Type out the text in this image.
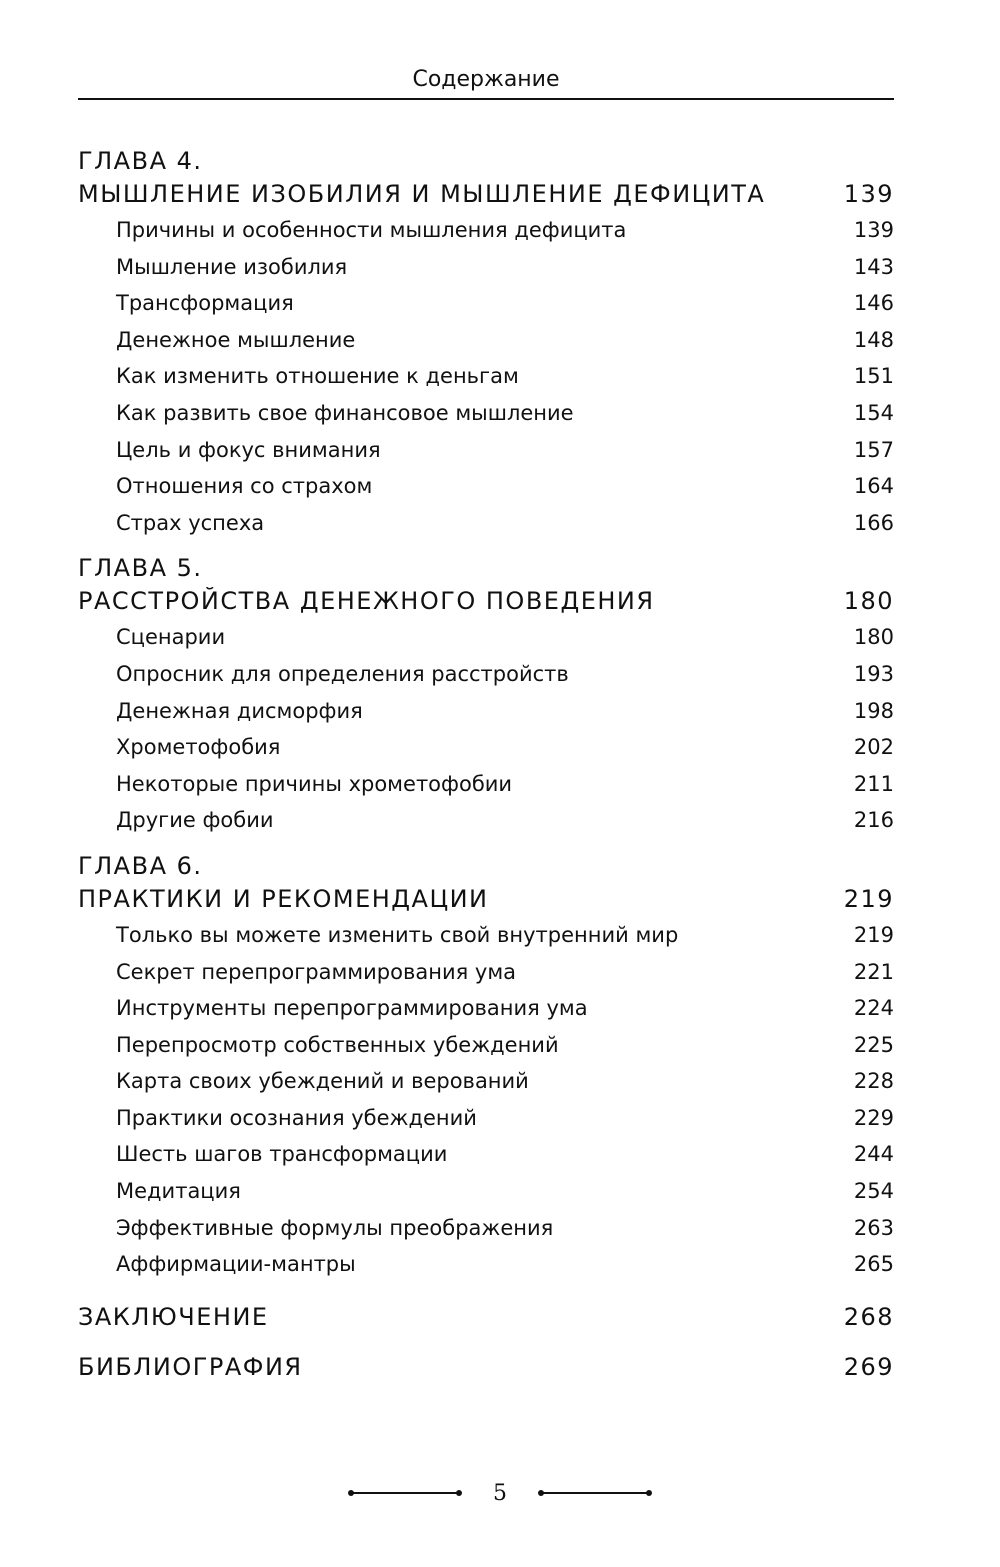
Содержание
ГЛАВА 4.
МЫШЛЕНИЕ ИЗОБИЛИЯ И МЫШЛЕНИЕ ДЕФИЦИТА	139
Причины и особенности мышления дефицита	139
Мышление изобилия	143
Трансформация	146
Денежное мышление	148
Как изменить отношение к деньгам	151
Как развить свое финансовое мышление	154
Цель и фокус внимания	157
Отношения со страхом	164
Страх успеха	166
ГЛАВА 5.
РАССТРОЙСТВА ДЕНЕЖНОГО ПОВЕДЕНИЯ	180
Сценарии	180
Опросник для определения расстройств	193
Денежная дисморфия	198
Хрометофобия	202
Некоторые причины хрометофобии	211
Другие фобии	216
ГЛАВА 6.
ПРАКТИКИ И РЕКОМЕНДАЦИИ	219
Только вы можете изменить свой внутренний мир	219
Секрет перепрограммирования ума	221
Инструменты перепрограммирования ума	224
Перепросмотр собственных убеждений	225
Карта своих убеждений и верований	228
Практики осознания убеждений	229
Шесть шагов трансформации	244
Медитация	254
Эффективные формулы преображения	263
Аффирмации-мантры	265
ЗАКЛЮЧЕНИЕ	268
БИБЛИОГРАФИЯ	269
5
